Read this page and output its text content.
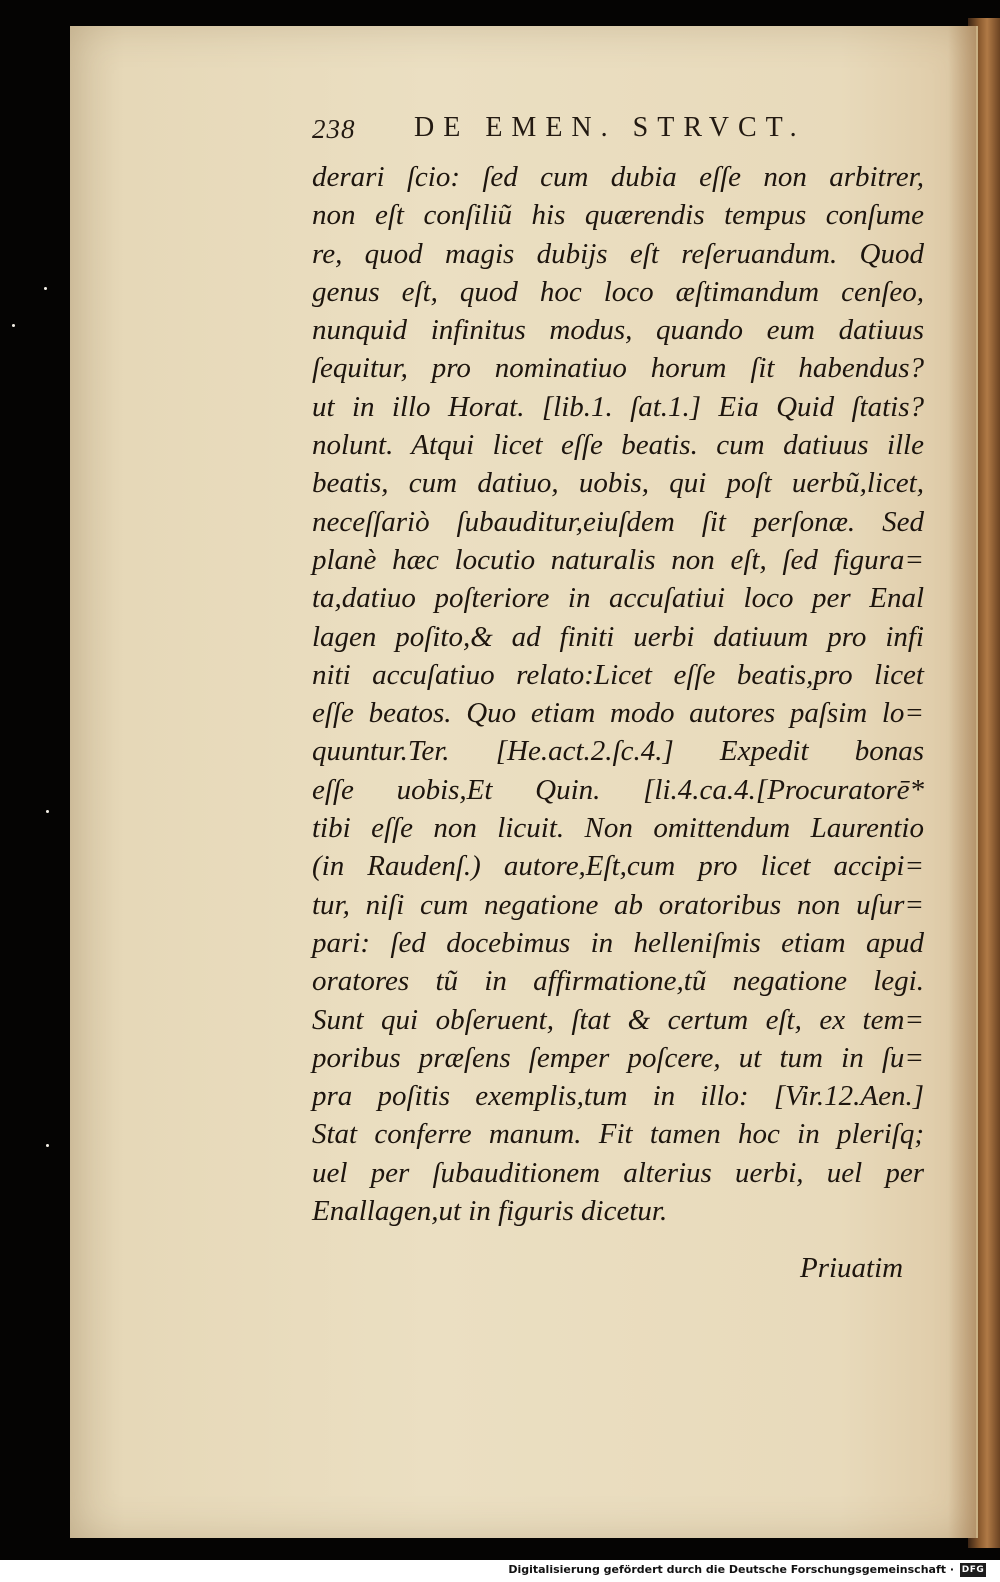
238 DE EMEN. STRVCT.
derari ſcio: ſed cum dubia eſſe non arbitrer,
non eſt conſiliũ his quærendis tempus conſume
re, quod magis dubijs eſt reſeruandum. Quod
genus eſt, quod hoc loco æſtimandum cenſeo,
nunquid infinitus modus, quando eum datiuus
ſequitur, pro nominatiuo horum ſit habendus?
ut in illo Horat. [lib.1. ſat.1.] Eia Quid ſtatis?
nolunt. Atqui licet eſſe beatis. cum datiuus ille
beatis, cum datiuo, uobis, qui poſt uerbũ,licet,
neceſſariò ſubauditur,eiuſdem ſit perſonæ. Sed
planè hæc locutio naturalis non eſt, ſed figura=
ta,datiuo poſteriore in accuſatiui loco per Enal
lagen poſito,& ad finiti uerbi datiuum pro infi
niti accuſatiuo relato:Licet eſſe beatis,pro licet
eſſe beatos. Quo etiam modo autores paſsim lo=
quuntur.Ter. [He.act.2.ſc.4.] Expedit bonas
eſſe uobis,Et Quin. [li.4.ca.4.[Procuratorē*
tibi eſſe non licuit. Non omittendum Laurentio
(in Raudenſ.) autore,Eſt,cum pro licet accipi=
tur, niſi cum negatione ab oratoribus non uſur=
pari: ſed docebimus in helleniſmis etiam apud
oratores tũ in affirmatione,tũ negatione legi.
Sunt qui obſeruent, ſtat & certum eſt, ex tem=
poribus præſens ſemper poſcere, ut tum in ſu=
pra poſitis exemplis,tum in illo: [Vir.12.Aen.]
Stat conferre manum. Fit tamen hoc in pleriſq;
uel per ſubauditionem alterius uerbi, uel per
Enallagen,ut in figuris dicetur.
Priuatim
Digitalisierung gefördert durch die Deutsche Forschungsgemeinschaft · DFG
